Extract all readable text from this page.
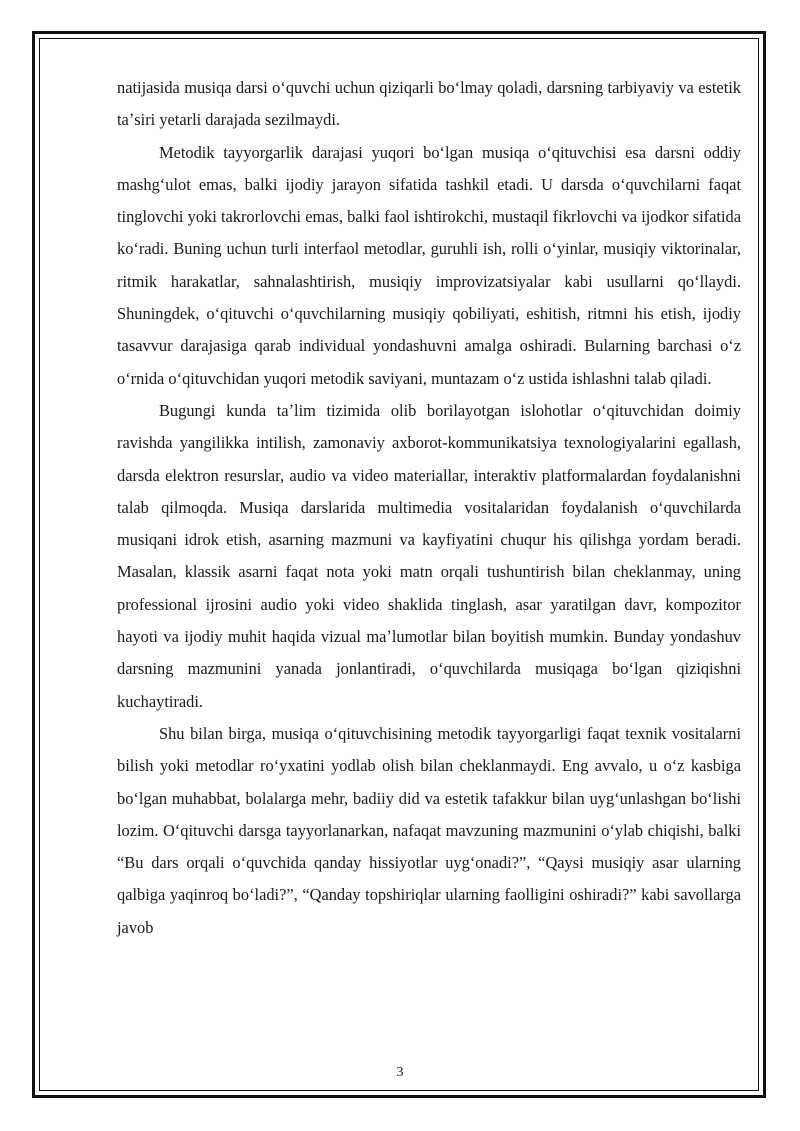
natijasida musiqa darsi oʻquvchi uchun qiziqarli boʻlmay qoladi, darsning tarbiyaviy va estetik taʼsiri yetarli darajada sezilmaydi.

Metodik tayyorgarlik darajasi yuqori boʻlgan musiqa oʻqituvchisi esa darsni oddiy mashgʻulot emas, balki ijodiy jarayon sifatida tashkil etadi. U darsda oʻquvchilarni faqat tinglovchi yoki takrorlovchi emas, balki faol ishtirokchi, mustaqil fikrlovchi va ijodkor sifatida koʻradi. Buning uchun turli interfaol metodlar, guruhli ish, rolli oʻyinlar, musiqiy viktorinalar, ritmik harakatlar, sahnalashtirish, musiqiy improvizatsiyalar kabi usullarni qoʻllaydi. Shuningdek, oʻqituvchi oʻquvchilarning musiqiy qobiliyati, eshitish, ritmni his etish, ijodiy tasavvur darajasiga qarab individual yondashuvni amalga oshiradi. Bularning barchasi oʻz oʻrnida oʻqituvchidan yuqori metodik saviyani, muntazam oʻz ustida ishlashni talab qiladi.

Bugungi kunda taʼlim tizimida olib borilayotgan islohotlar oʻqituvchidan doimiy ravishda yangilikka intilish, zamonaviy axborot-kommunikatsiya texnologiyalarini egallash, darsda elektron resurslar, audio va video materiallar, interaktiv platformalardan foydalanishni talab qilmoqda. Musiqa darslarida multimedia vositalaridan foydalanish oʻquvchilarda musiqani idrok etish, asarning mazmuni va kayfiyatini chuqur his qilishga yordam beradi. Masalan, klassik asarni faqat nota yoki matn orqali tushuntirish bilan cheklanmay, uning professional ijrosini audio yoki video shaklida tinglash, asar yaratilgan davr, kompozitor hayoti va ijodiy muhit haqida vizual maʼlumotlar bilan boyitish mumkin. Bunday yondashuv darsning mazmunini yanada jonlantiradi, oʻquvchilarda musiqaga boʻlgan qiziqishni kuchaytiradi.

Shu bilan birga, musiqa oʻqituvchisining metodik tayyorgarligi faqat texnik vositalarni bilish yoki metodlar roʻyxatini yodlab olish bilan cheklanmaydi. Eng avvalo, u oʻz kasbiga boʻlgan muhabbat, bolalarga mehr, badiiy did va estetik tafakkur bilan uygʻunlashgan boʻlishi lozim. Oʻqituvchi darsga tayyorlanarkan, nafaqat mavzuning mazmunini oʻylab chiqishi, balki “Bu dars orqali oʻquvchida qanday hissiyotlar uygʻonadi?”, “Qaysi musiqiy asar ularning qalbiga yaqinroq boʻladi?”, “Qanday topshiriqlar ularning faolligini oshiradi?” kabi savollarga javob

3
